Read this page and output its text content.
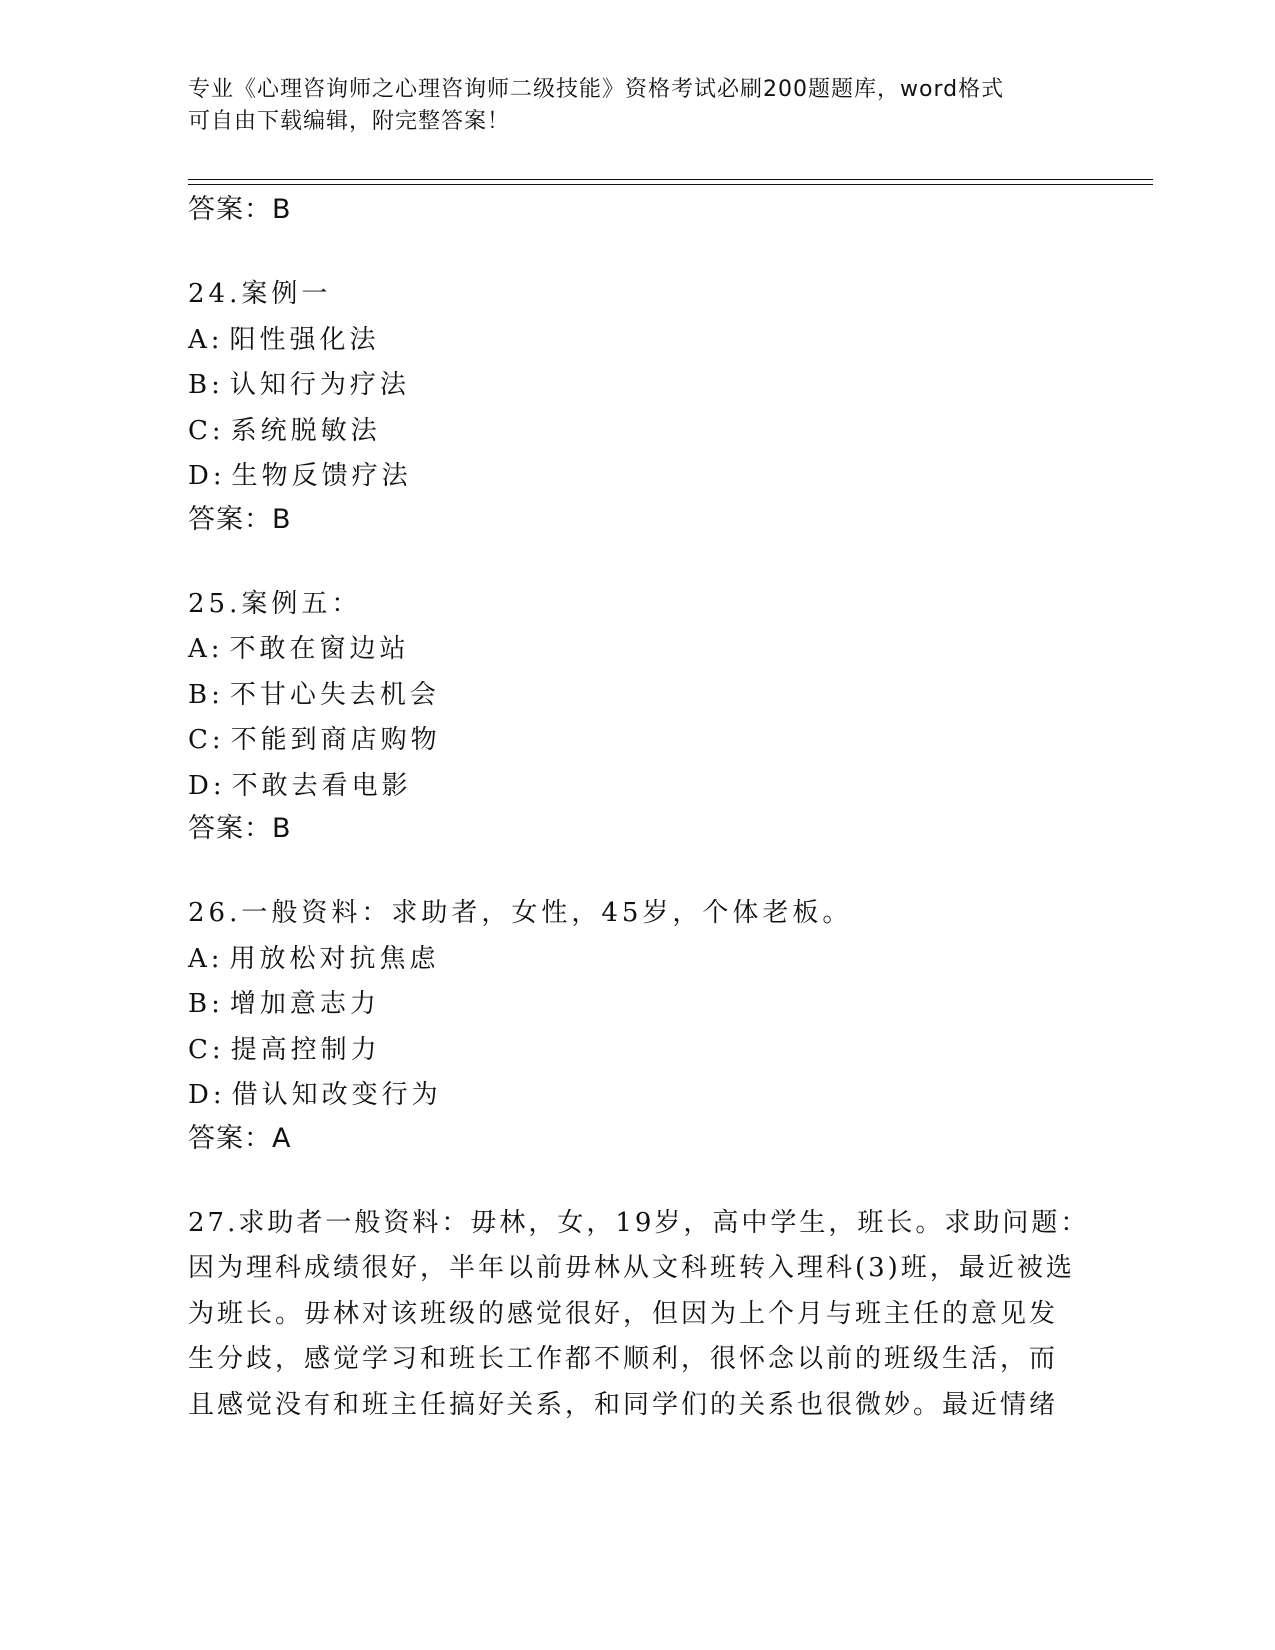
专业《心理咨询师之心理咨询师二级技能》资格考试必刷200题题库，word格式
可自由下载编辑，附完整答案！
答案：B
24.案例一
A: 阳性强化法
B: 认知行为疗法
C: 系统脱敏法
D: 生物反馈疗法
答案：B
25.案例五：
A: 不敢在窗边站
B: 不甘心失去机会
C: 不能到商店购物
D: 不敢去看电影
答案：B
26.一般资料：求助者，女性，45岁，个体老板。
A: 用放松对抗焦虑
B: 增加意志力
C: 提高控制力
D: 借认知改变行为
答案：A
27.求助者一般资料：毋林，女，19岁，高中学生，班长。求助问题：
因为理科成绩很好，半年以前毋林从文科班转入理科(3)班，最近被选
为班长。毋林对该班级的感觉很好，但因为上个月与班主任的意见发
生分歧，感觉学习和班长工作都不顺利，很怀念以前的班级生活，而
且感觉没有和班主任搞好关系，和同学们的关系也很微妙。最近情绪
